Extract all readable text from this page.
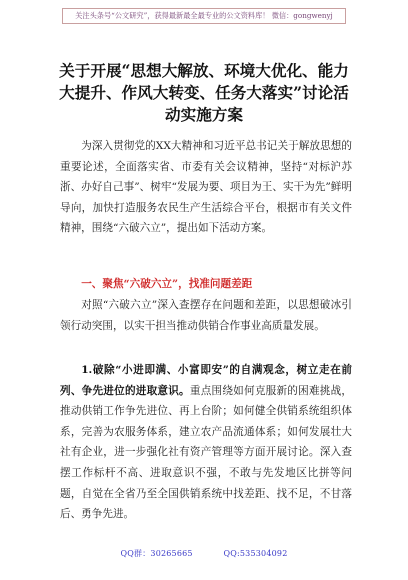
关注头条号“公文研究”，获得最新最全最专业的公文资料库！ 微信：gongwenyj
关于开展“思想大解放、环境大优化、能力大提升、作风大转变、任务大落实”讨论活动实施方案
为深入贯彻党的XX大精神和习近平总书记关于解放思想的重要论述，全面落实省、市委有关会议精神，坚持“对标沪苏浙、办好自己事”、树牢“发展为要、项目为王、实干为先”鲜明导向，加快打造服务农民生产生活综合平台，根据市有关文件精神，围绕“六破六立”，提出如下活动方案。
一、聚焦“六破六立”，找准问题差距
对照“六破六立”深入查摆存在问题和差距，以思想破冰引领行动突围，以实干担当推动供销合作事业高质量发展。
1.破除“小进即满、小富即安”的自满观念，树立走在前列、争先进位的进取意识。重点围绕如何克服新的困难挑战，推动供销工作争先进位、再上台阶；如何健全供销系统组织体系，完善为农服务体系，建立农产品流通体系；如何发展壮大社有企业，进一步强化社有资产管理等方面开展讨论。深入查摆工作标杆不高、进取意识不强，不敢与先发地区比拼等问题，自觉在全省乃至全国供销系统中找差距、找不足，不甘落后、勇争先进。
QQ群：30265665	QQ:535304092
